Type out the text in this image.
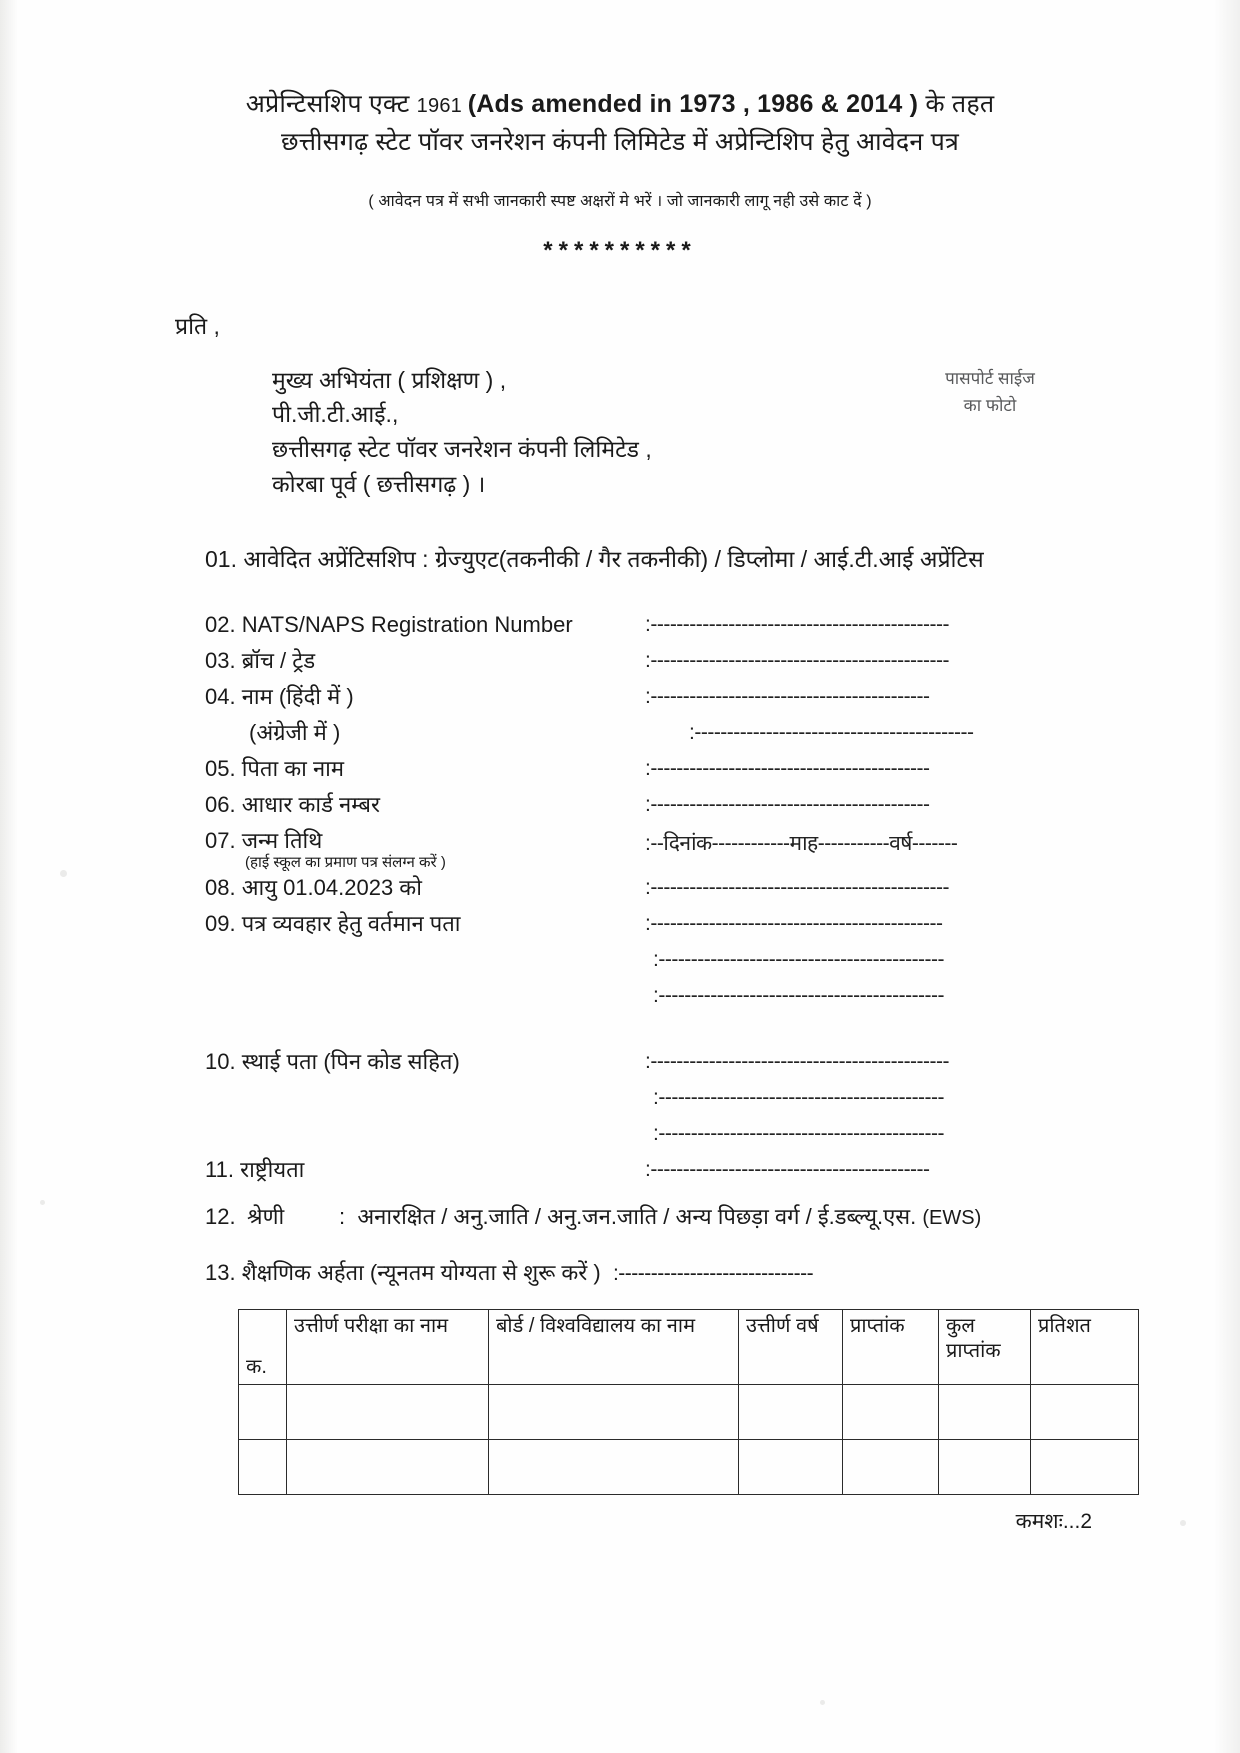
अप्रेन्टिसशिप एक्ट 1961 (Ads amended in 1973 , 1986 & 2014 ) के तहत
छत्तीसगढ़ स्टेट पॉवर जनरेशन कंपनी लिमिटेड में अप्रेन्टिशिप हेतु आवेदन पत्र
( आवेदन पत्र में सभी जानकारी स्पष्ट अक्षरों मे भरें । जो जानकारी लागू नही उसे काट दें )
**********
प्रति ,
मुख्य अभियंता ( प्रशिक्षण ) ,
पी.जी.टी.आई.,
छत्तीसगढ़ स्टेट पॉवर जनरेशन कंपनी लिमिटेड ,
कोरबा पूर्व ( छत्तीसगढ़ ) ।
पासपोर्ट साईज
का फोटो
01. आवेदित अप्रेंटिसशिप : ग्रेज्युएट(तकनीकी / गैर तकनीकी) / डिप्लोमा / आई.टी.आई अप्रेंटिस
02. NATS/NAPS Registration Number	:----------------------------------------------
03. ब्रॉच / ट्रेड	:----------------------------------------------
04. नाम (हिंदी में )	:-------------------------------------------
(अंग्रेजी में )	:-------------------------------------------
05. पिता का नाम	:-------------------------------------------
06. आधार कार्ड नम्बर	:-------------------------------------------
07. जन्म तिथि
(हाई स्कूल का प्रमाण पत्र संलग्न करें )
:--दिनांक------------माह-----------वर्ष-------
08. आयु 01.04.2023 को	:----------------------------------------------
09. पत्र व्यवहार हेतु वर्तमान पता	:---------------------------------------------
:--------------------------------------------
:--------------------------------------------
10. स्थाई पता (पिन कोड सहित)	:----------------------------------------------
:--------------------------------------------
:--------------------------------------------
11. राष्ट्रीयता	:-------------------------------------------
12. श्रेणी : अनारक्षित / अनु.जाति / अनु.जन.जाति / अन्य पिछड़ा वर्ग / ई.डब्ल्यू.एस. (EWS)
13. शैक्षणिक अर्हता (न्यूनतम योग्यता से शुरू करें ) :------------------------------
क.	उत्तीर्ण परीक्षा का नाम	बोर्ड / विश्वविद्यालय का नाम	उत्तीर्ण वर्ष	प्राप्तांक	कुल प्राप्तांक	प्रतिशत

कमशः...2
